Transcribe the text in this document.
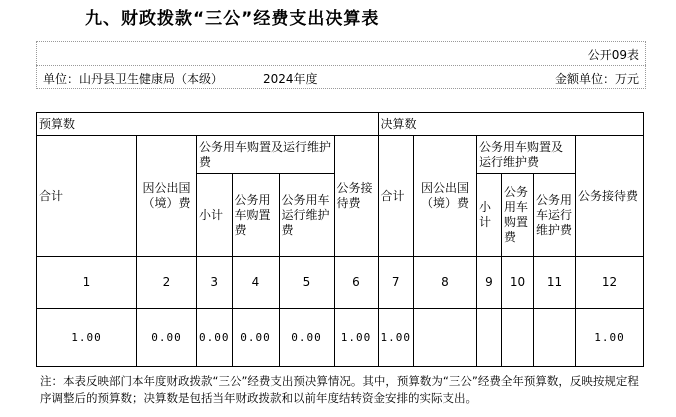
九、财政拨款“三公”经费支出决算表
公开09表
单位：山丹县卫生健康局（本级）	2024年度	金额单位：万元
预算数						决算数					
合计	因公出国（境）费	公务用车购置及运行维护费			公务接待费	合计	因公出国（境）费	公务用车购置及运行维护费			公务接待费
		小计	公务用车购置费	公务用车运行维护费				小计	公务用车购置费	公务用车运行维护费	
1	2	3	4	5	6	7	8	9	10	11	12
1.00	0.00	0.00	0.00	0.00	1.00	1.00					1.00
注：本表反映部门本年度财政拨款“三公”经费支出预决算情况。其中，预算数为“三公”经费全年预算数，反映按规定程序调整后的预算数；决算数是包括当年财政拨款和以前年度结转资金安排的实际支出。
